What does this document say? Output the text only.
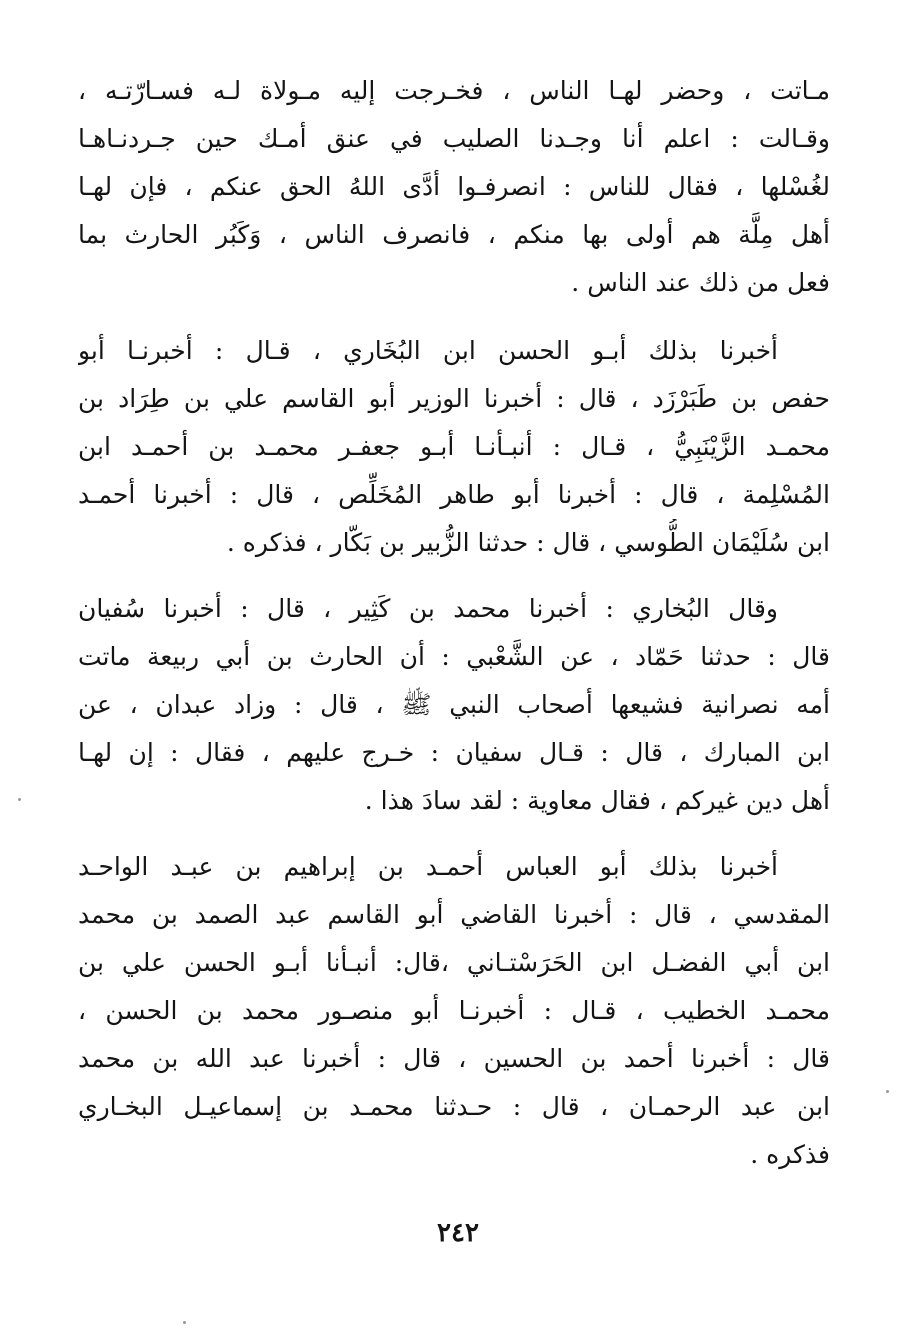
مـاتت ، وحضر لهـا الناس ، فخـرجت إليه مـولاة لـه فسـارّتـه ،
وقـالت : اعلم أنا وجـدنا الصليب في عنق أمـك حين جـردنـاهـا
لغُسْلها ، فقال للناس : انصرفـوا أدَّى اللهُ الحق عنكم ، فإن لهـا
أهل مِلَّة هم أولى بها منكم ، فانصرف الناس ، وَكَبُر الحارث بما
فعل من ذلك عند الناس .
أخبرنا بذلك أبـو الحسن ابن البُخَاري ، قـال : أخبرنـا أبو
حفص بن طَبَرْزَد ، قال : أخبرنا الوزير أبو القاسم علي بن طِرَاد بن
محمـد الزَّيْنَبِيُّ ، قـال : أنبـأنـا أبـو جعفـر محمـد بن أحمـد ابن
المُسْلِمة ، قال : أخبرنا أبو طاهر المُخَلِّص ، قال : أخبرنا أحمـد
ابن سُلَيْمَان الطُّوسي ، قال : حدثنا الزُّبير بن بَكّار ، فذكره .
وقال البُخاري : أخبرنا محمد بن كَثِير ، قال : أخبرنا سُفيان
قال : حدثنا حَمّاد ، عن الشَّعْبي : أن الحارث بن أبي ربيعة ماتت
أمه نصرانية فشيعها أصحاب النبي ﷺ ، قال : وزاد عبدان ، عن
ابن المبارك ، قال : قـال سفيان : خـرج عليهم ، فقال : إن لهـا
أهل دين غيركم ، فقال معاوية : لقد سادَ هذا .
أخبرنا بذلك أبو العباس أحمـد بن إبراهيم بن عبـد الواحـد
المقدسي ، قال : أخبرنا القاضي أبو القاسم عبد الصمد بن محمد
ابن أبي الفضـل ابن الحَرَسْتـاني ،قال: أنبـأنا أبـو الحسن علي بن
محمـد الخطيب ، قـال : أخبرنـا أبو منصـور محمد بن الحسن ،
قال : أخبرنا أحمد بن الحسين ، قال : أخبرنا عبد الله بن محمد
ابن عبد الرحمـان ، قال : حـدثنا محمـد بن إسماعيـل البخـاري
فذكره .
٢٤٢
